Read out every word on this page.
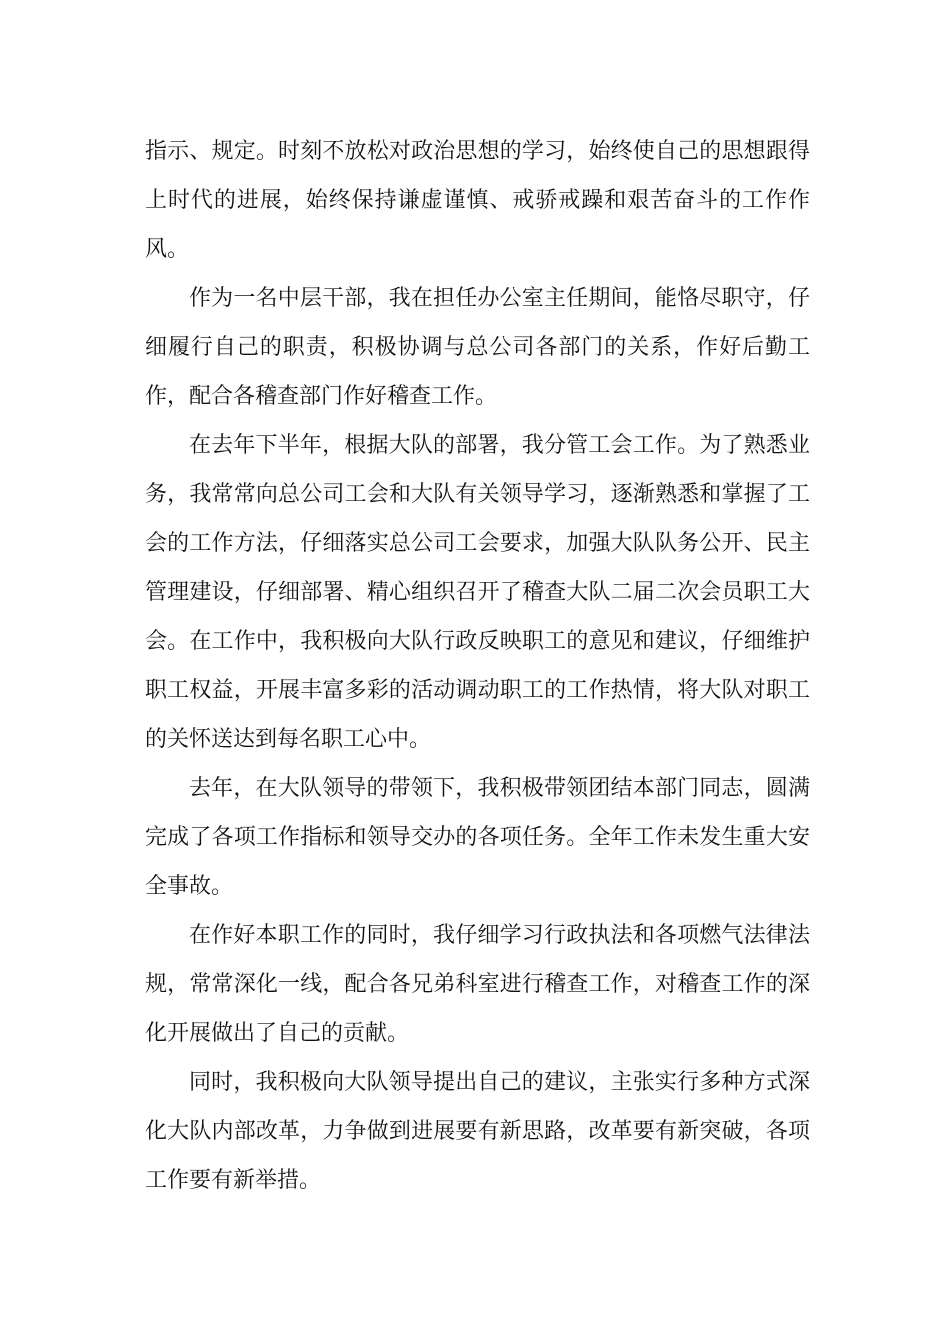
指示、规定。时刻不放松对政治思想的学习，始终使自己的思想跟得上时代的进展，始终保持谦虚谨慎、戒骄戒躁和艰苦奋斗的工作作风。

作为一名中层干部，我在担任办公室主任期间，能恪尽职守，仔细履行自己的职责，积极协调与总公司各部门的关系，作好后勤工作，配合各稽查部门作好稽查工作。

在去年下半年，根据大队的部署，我分管工会工作。为了熟悉业务，我常常向总公司工会和大队有关领导学习，逐渐熟悉和掌握了工会的工作方法，仔细落实总公司工会要求，加强大队队务公开、民主管理建设，仔细部署、精心组织召开了稽查大队二届二次会员职工大会。在工作中，我积极向大队行政反映职工的意见和建议，仔细维护职工权益，开展丰富多彩的活动调动职工的工作热情，将大队对职工的关怀送达到每名职工心中。

去年，在大队领导的带领下，我积极带领团结本部门同志，圆满完成了各项工作指标和领导交办的各项任务。全年工作未发生重大安全事故。

在作好本职工作的同时，我仔细学习行政执法和各项燃气法律法规，常常深化一线，配合各兄弟科室进行稽查工作，对稽查工作的深化开展做出了自己的贡献。

同时，我积极向大队领导提出自己的建议，主张实行多种方式深化大队内部改革，力争做到进展要有新思路，改革要有新突破，各项工作要有新举措。
